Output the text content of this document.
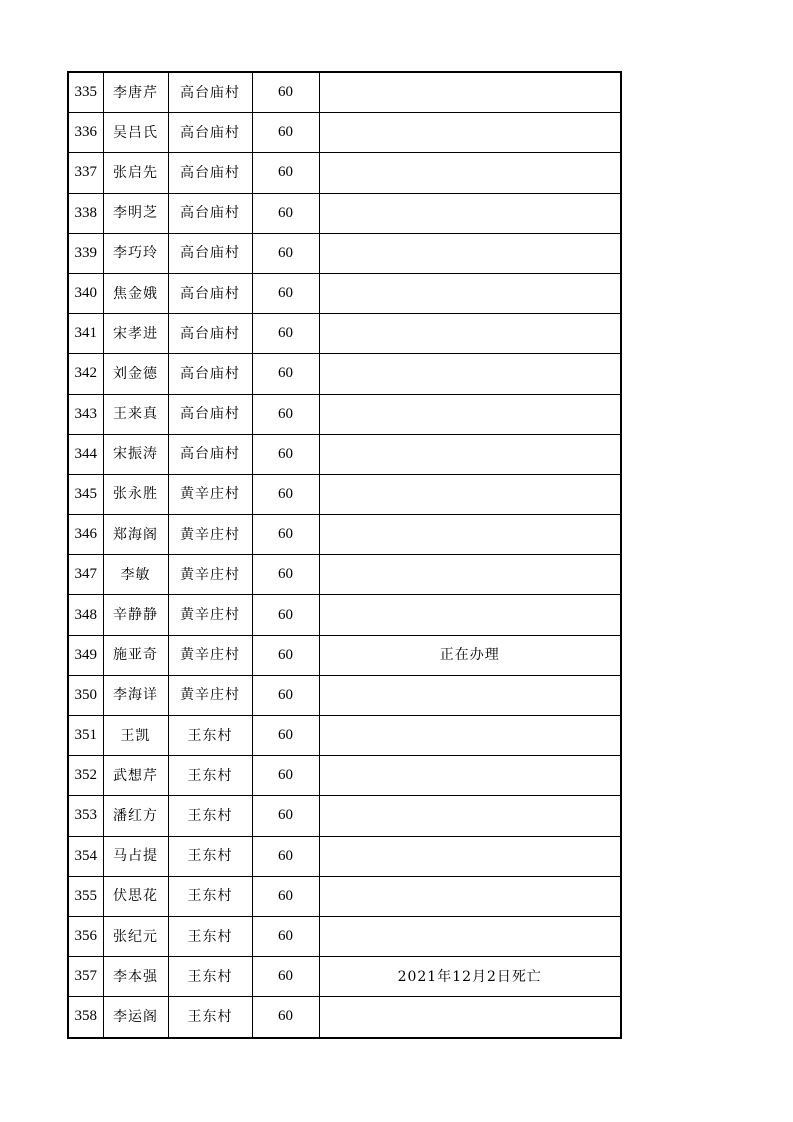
335	李唐芹	高台庙村	60	
336	吴吕氏	高台庙村	60	
337	张启先	高台庙村	60	
338	李明芝	高台庙村	60	
339	李巧玲	高台庙村	60	
340	焦金娥	高台庙村	60	
341	宋孝进	高台庙村	60	
342	刘金德	高台庙村	60	
343	王来真	高台庙村	60	
344	宋振涛	高台庙村	60	
345	张永胜	黄辛庄村	60	
346	郑海阁	黄辛庄村	60	
347	李敏	黄辛庄村	60	
348	辛静静	黄辛庄村	60	
349	施亚奇	黄辛庄村	60	正在办理
350	李海详	黄辛庄村	60	
351	王凯	王东村	60	
352	武想芹	王东村	60	
353	潘红方	王东村	60	
354	马占提	王东村	60	
355	伏思花	王东村	60	
356	张纪元	王东村	60	
357	李本强	王东村	60	2021年12月2日死亡
358	李运阁	王东村	60	
